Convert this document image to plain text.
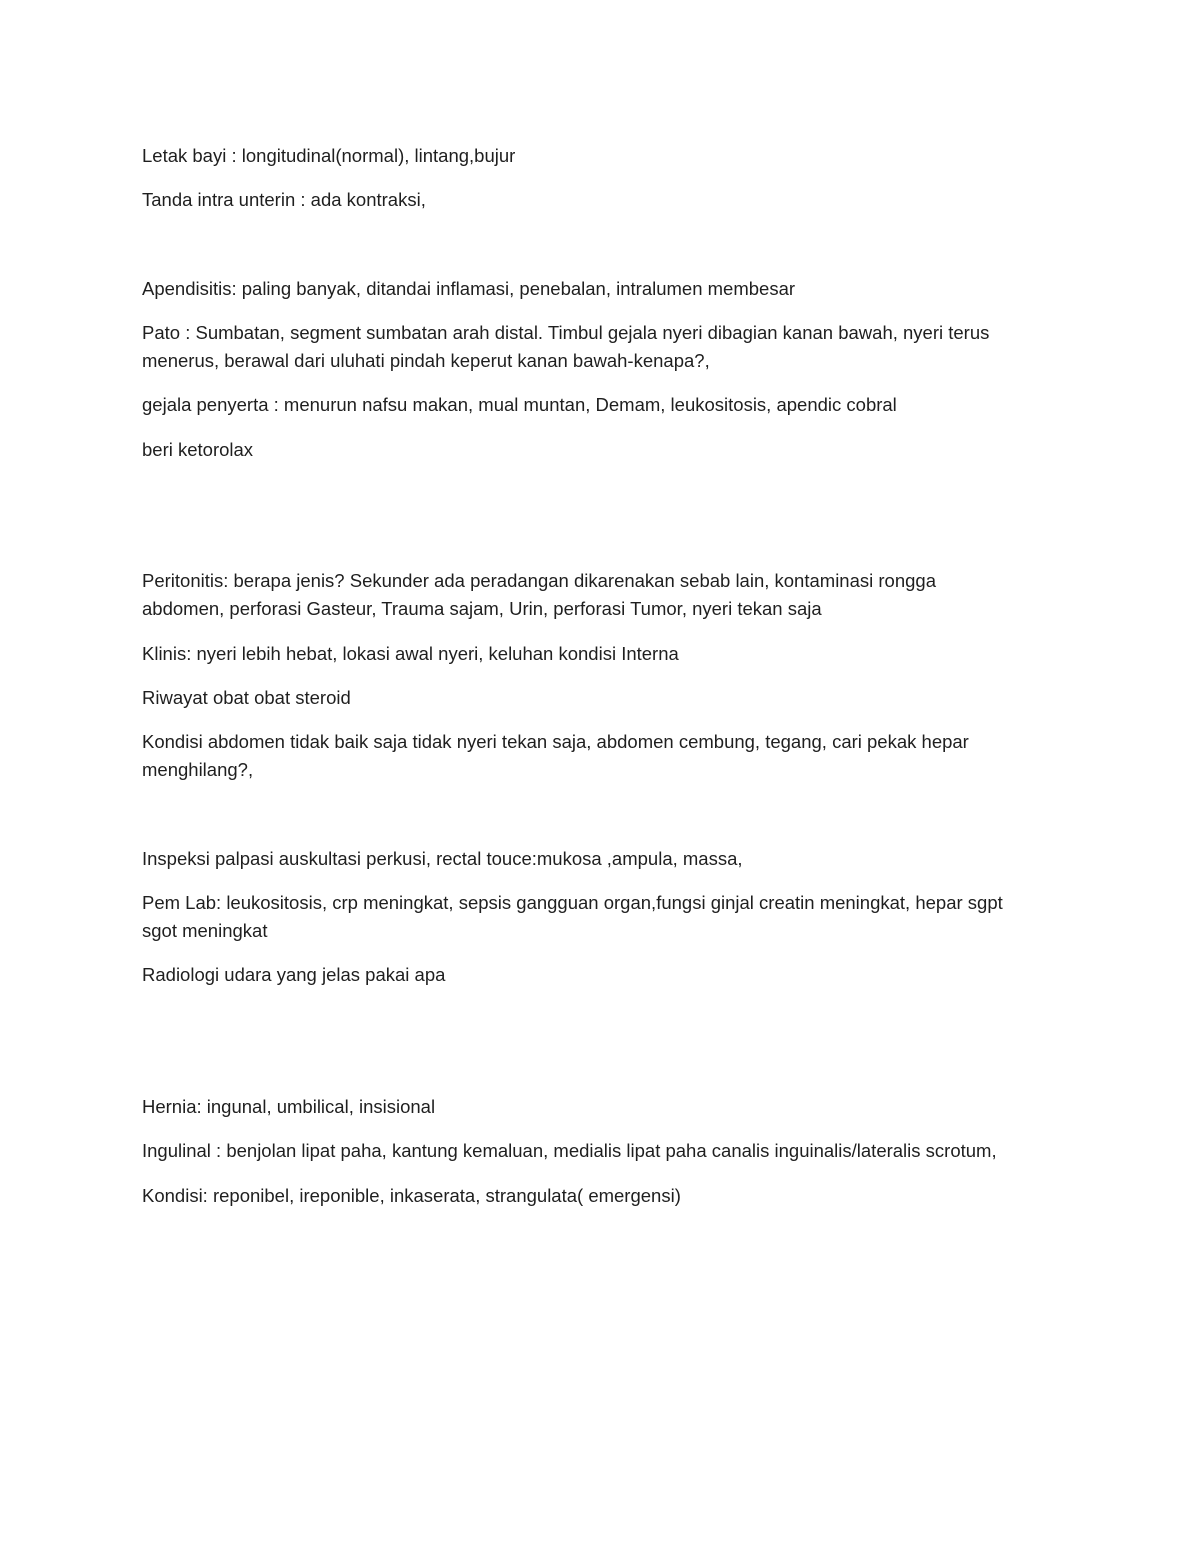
Letak bayi : longitudinal(normal), lintang,bujur

Tanda intra unterin : ada kontraksi,

Apendisitis: paling banyak, ditandai inflamasi, penebalan, intralumen membesar

Pato : Sumbatan, segment sumbatan arah distal. Timbul gejala nyeri dibagian kanan bawah, nyeri terus
menerus, berawal dari uluhati pindah keperut kanan bawah-kenapa?,

gejala penyerta : menurun nafsu makan, mual muntan, Demam, leukositosis, apendic cobral

beri ketorolax

Peritonitis: berapa jenis? Sekunder ada peradangan dikarenakan sebab lain, kontaminasi rongga
abdomen, perforasi Gasteur, Trauma sajam, Urin, perforasi Tumor, nyeri tekan saja

Klinis: nyeri lebih hebat, lokasi awal nyeri, keluhan kondisi Interna

Riwayat obat obat steroid

Kondisi abdomen tidak baik saja tidak nyeri tekan saja, abdomen cembung, tegang, cari pekak hepar
menghilang?,

Inspeksi palpasi auskultasi perkusi, rectal touce:mukosa ,ampula, massa,

Pem Lab: leukositosis, crp meningkat, sepsis gangguan organ,fungsi ginjal creatin meningkat, hepar sgpt
sgot meningkat

Radiologi udara yang jelas pakai apa

Hernia: ingunal, umbilical, insisional

Ingulinal : benjolan lipat paha, kantung kemaluan, medialis lipat paha canalis inguinalis/lateralis scrotum,

Kondisi: reponibel, ireponible, inkaserata, strangulata( emergensi)
